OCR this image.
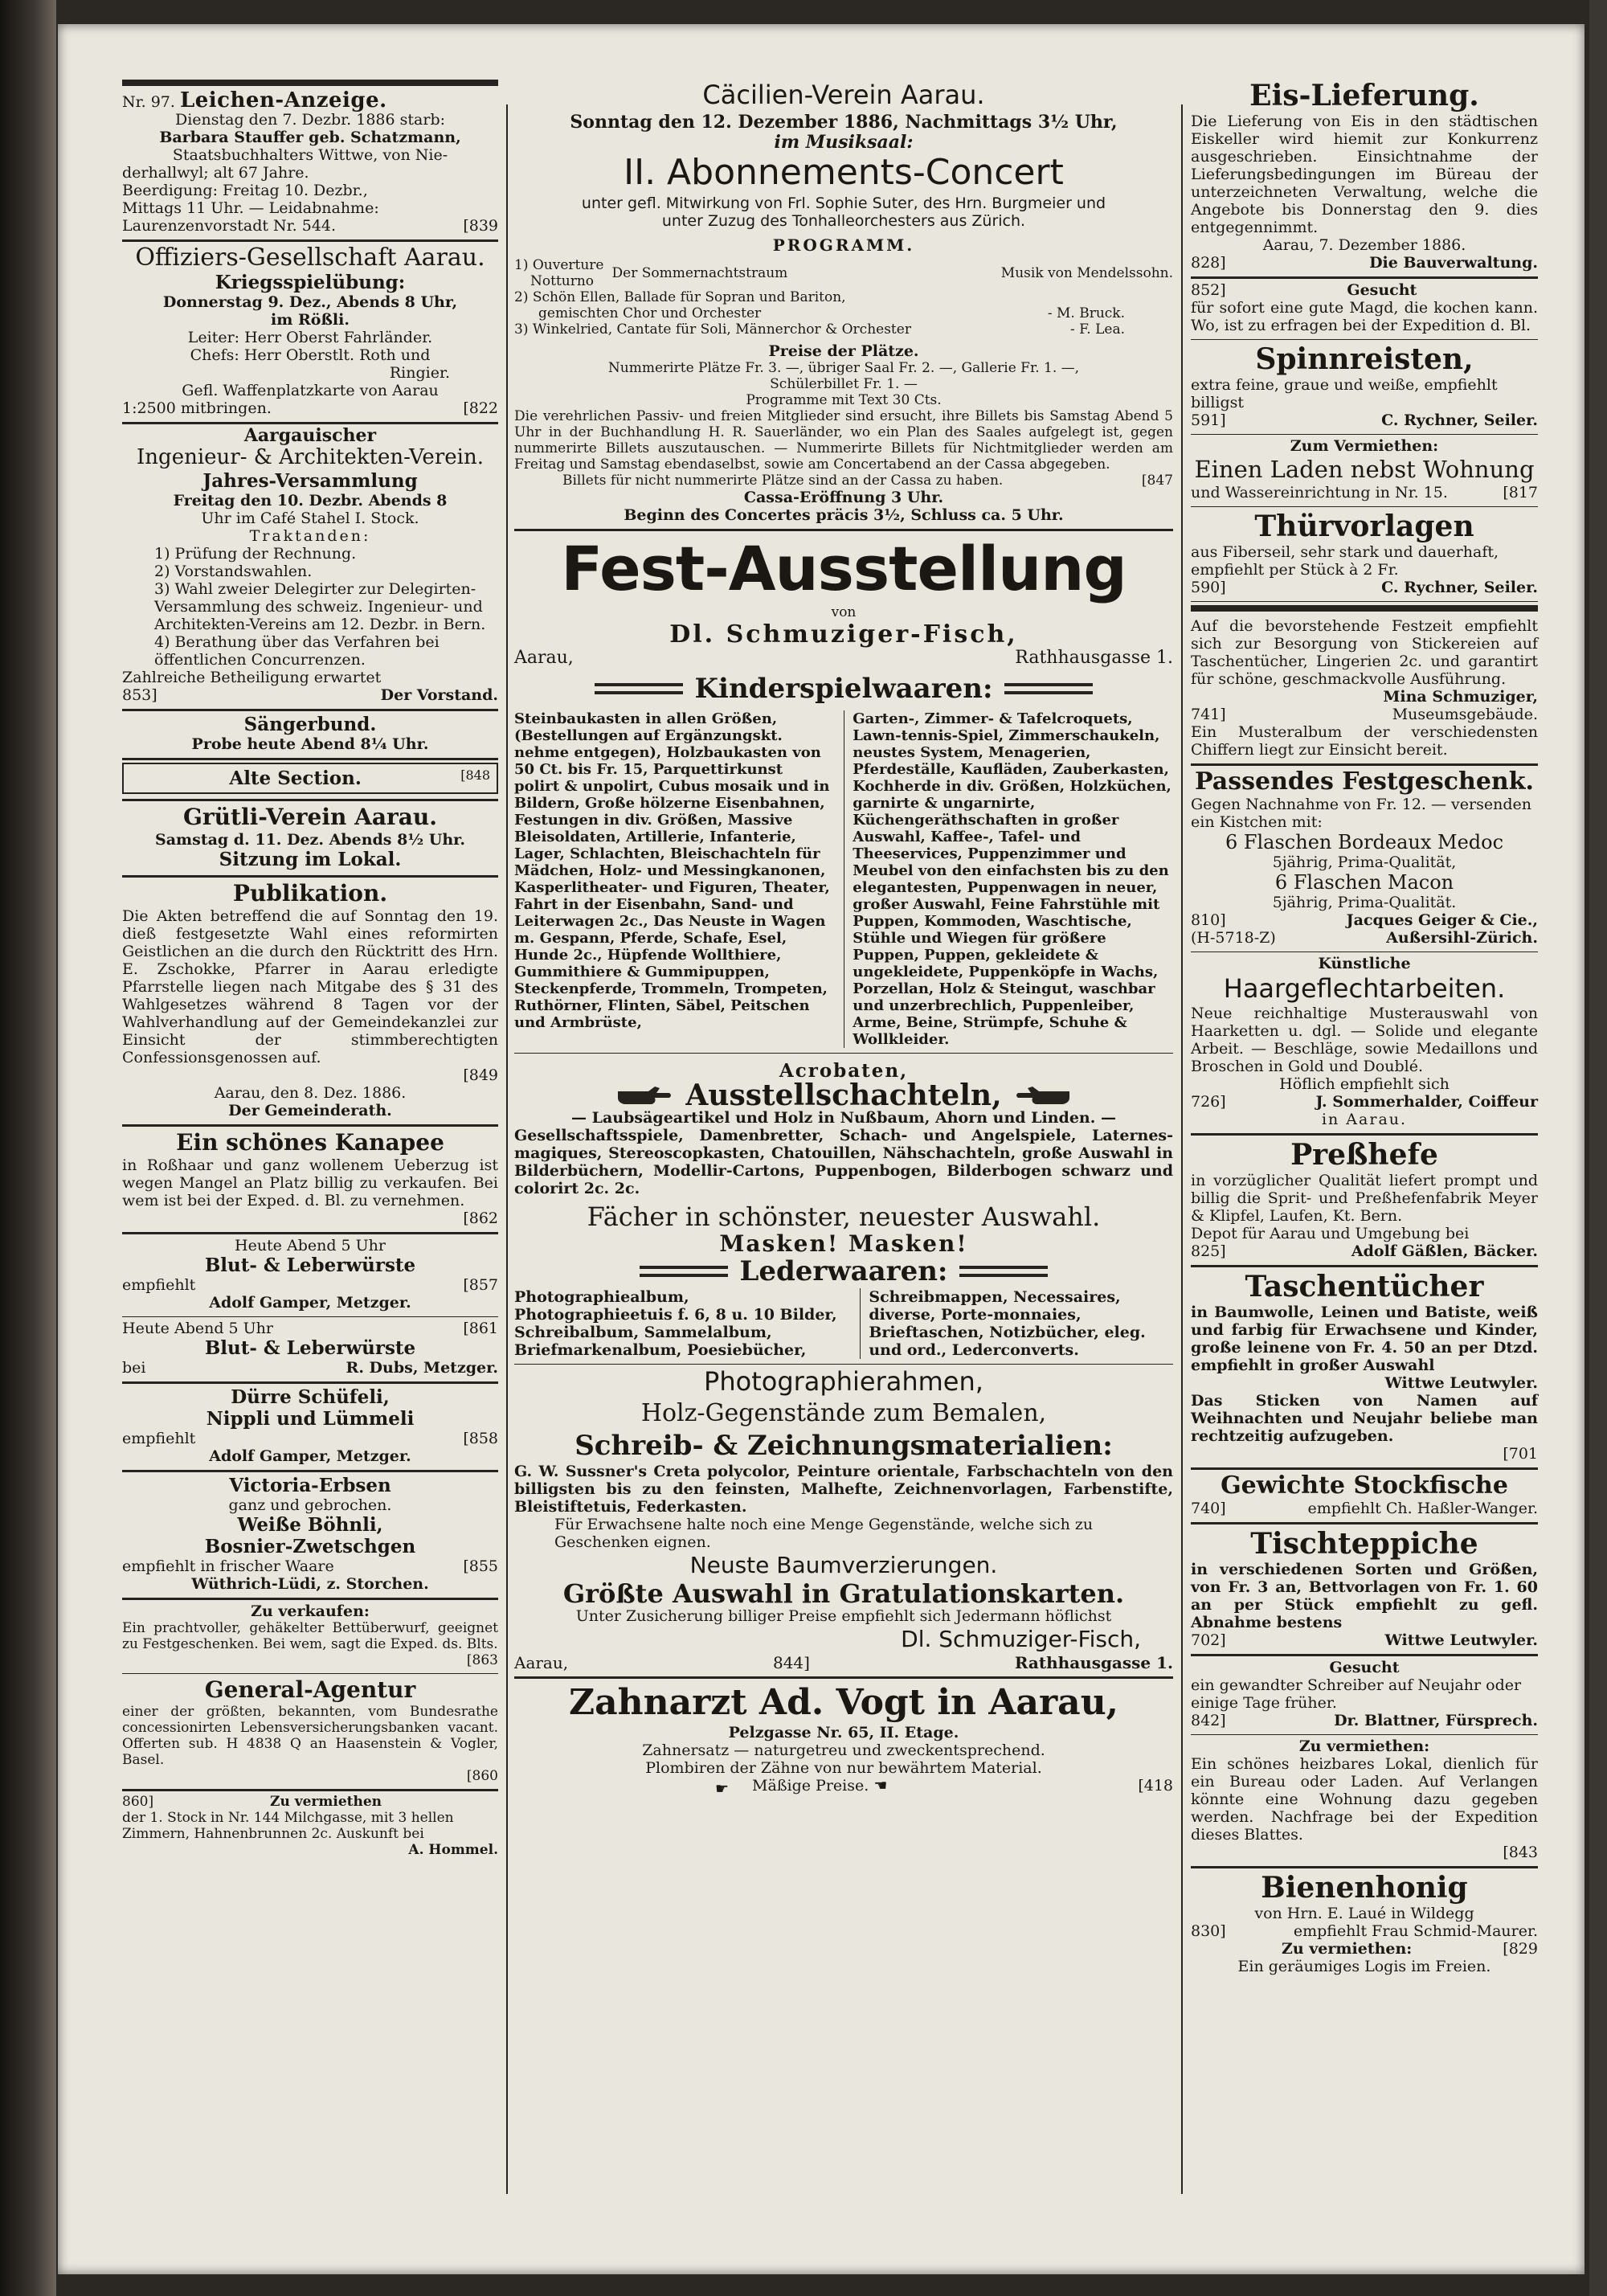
Nr. 97. Leichen-Anzeige.

Dienstag den 7. Dezbr. 1886 starb:

Barbara Stauffer geb. Schatzmann,

Staatsbuchhalters Wittwe, von Nie-

derhallwyl; alt 67 Jahre.

Beerdigung: Freitag 10. Dezbr.,

Mittags 11 Uhr. — Leidabnahme:

Laurenzenvorstadt Nr. 544.	[839

Offiziers-Gesellschaft Aarau.

Kriegsspielübung:

Donnerstag 9. Dez., Abends 8 Uhr,

im Rößli.

Leiter: Herr Oberst Fahrländer.

Chefs: Herr Oberstlt. Roth und

Ringier.

Gefl. Waffenplatzkarte von Aarau

1:2500 mitbringen.	[822

Aargauischer

Ingenieur- & Architekten-Verein.

Jahres-Versammlung

Freitag den 10. Dezbr. Abends 8

Uhr im Café Stahel I. Stock.

Traktanden:

1) Prüfung der Rechnung.

2) Vorstandswahlen.

3) Wahl zweier Delegirter zur Delegirten-Versammlung des schweiz. Ingenieur- und Architekten-Vereins am 12. Dezbr. in Bern.

4) Berathung über das Verfahren bei öffentlichen Concurrenzen.

Zahlreiche Betheiligung erwartet

853]	Der Vorstand.

Sängerbund.

Probe heute Abend 8¼ Uhr.

Alte Section.	[848

Grütli-Verein Aarau.

Samstag d. 11. Dez. Abends 8½ Uhr.

Sitzung im Lokal.

Publikation.

Die Akten betreffend die auf Sonntag den 19. dieß festgesetzte Wahl eines reformirten Geistlichen an die durch den Rücktritt des Hrn. E. Zschokke, Pfarrer in Aarau erledigte Pfarrstelle liegen nach Mitgabe des § 31 des Wahlgesetzes während 8 Tagen vor der Wahlverhandlung auf der Gemeindekanzlei zur Einsicht der stimmberechtigten Confessionsgenossen auf.

[849

Aarau, den 8. Dez. 1886.

Der Gemeinderath.

Ein schönes Kanapee

in Roßhaar und ganz wollenem Ueberzug ist wegen Mangel an Platz billig zu verkaufen. Bei wem ist bei der Exped. d. Bl. zu vernehmen.

[862

Heute Abend 5 Uhr

Blut- & Leberwürste

empfiehlt	[857

Adolf Gamper, Metzger.

Heute Abend 5 Uhr	[861

Blut- & Leberwürste

bei	R. Dubs, Metzger.

Dürre Schüfeli,

Nippli und Lümmeli

empfiehlt	[858

Adolf Gamper, Metzger.

Victoria-Erbsen

ganz und gebrochen.

Weiße Böhnli,

Bosnier-Zwetschgen

empfiehlt in frischer Waare	[855

Wüthrich-Lüdi, z. Storchen.

Zu verkaufen:

Ein prachtvoller, gehäkelter Bettüberwurf, geeignet zu Festgeschenken. Bei wem, sagt die Exped. ds. Blts.

[863

General-Agentur

einer der größten, bekannten, vom Bundesrathe concessionirten Lebensversicherungsbanken vacant. Offerten sub. H 4838 Q an Haasenstein & Vogler, Basel.

[860

860]	Zu vermiethen

der 1. Stock in Nr. 144 Milchgasse, mit 3 hellen Zimmern, Hahnenbrunnen 2c. Auskunft bei

A. Hommel.

Cäcilien-Verein Aarau.

Sonntag den 12. Dezember 1886, Nachmittags 3½ Uhr,

im Musiksaal:

II. Abonnements-Concert

unter gefl. Mitwirkung von Frl. Sophie Suter, des Hrn. Burgmeier und

unter Zuzug des Tonhalleorchesters aus Zürich.

PROGRAMM.

1) Ouverture

Notturno	Der Sommernachtstraum	Musik von Mendelssohn.

2) Schön Ellen, Ballade für Sopran und Bariton,

gemischten Chor und Orchester	- M. Bruck.

3) Winkelried, Cantate für Soli, Männerchor & Orchester	- F. Lea.

Preise der Plätze.

Nummerirte Plätze Fr. 3. —, übriger Saal Fr. 2. —, Gallerie Fr. 1. —,

Schülerbillet Fr. 1. —

Programme mit Text 30 Cts.

Die verehrlichen Passiv- und freien Mitglieder sind ersucht, ihre Billets bis Samstag Abend 5 Uhr in der Buchhandlung H. R. Sauerländer, wo ein Plan des Saales aufgelegt ist, gegen nummerirte Billets auszutauschen. — Nummerirte Billets für Nichtmitglieder werden am Freitag und Samstag ebendaselbst, sowie am Concertabend an der Cassa abgegeben.

Billets für nicht nummerirte Plätze sind an der Cassa zu haben.	[847

Cassa-Eröffnung 3 Uhr.

Beginn des Concertes präcis 3½, Schluss ca. 5 Uhr.

Fest-Ausstellung

von

Dl. Schmuziger-Fisch,

Aarau,	Rathhausgasse 1.

Kinderspielwaaren:

Steinbaukasten in allen Größen, (Bestellungen auf Ergänzungskt. nehme entgegen), Holzbaukasten von 50 Ct. bis Fr. 15, Parquettirkunst polirt & unpolirt, Cubus mosaik und in Bildern, Große hölzerne Eisenbahnen, Festungen in div. Größen, Massive Bleisoldaten, Artillerie, Infanterie, Lager, Schlachten, Bleischachteln für Mädchen, Holz- und Messingkanonen, Kasperlitheater- und Figuren, Theater, Fahrt in der Eisenbahn, Sand- und Leiterwagen 2c., Das Neuste in Wagen m. Gespann, Pferde, Schafe, Esel, Hunde 2c., Hüpfende Wollthiere, Gummithiere & Gummipuppen, Steckenpferde, Trommeln, Trompeten, Ruthörner, Flinten, Säbel, Peitschen und Armbrüste,

Garten-, Zimmer- & Tafelcroquets, Lawn-tennis-Spiel, Zimmerschaukeln, neustes System, Menagerien, Pferdeställe, Kaufläden, Zauberkasten, Kochherde in div. Größen, Holzküchen, garnirte & ungarnirte, Küchengeräthschaften in großer Auswahl, Kaffee-, Tafel- und Theeservices, Puppenzimmer und Meubel von den einfachsten bis zu den elegantesten, Puppenwagen in neuer, großer Auswahl, Feine Fahrstühle mit Puppen, Kommoden, Waschtische, Stühle und Wiegen für größere Puppen, Puppen, gekleidete & ungekleidete, Puppenköpfe in Wachs, Porzellan, Holz & Steingut, waschbar und unzerbrechlich, Puppenleiber, Arme, Beine, Strümpfe, Schuhe & Wollkleider.

Acrobaten,

Ausstellschachteln,

— Laubsägeartikel und Holz in Nußbaum, Ahorn und Linden. —

Gesellschaftsspiele, Damenbretter, Schach- und Angelspiele, Laternes-magiques, Stereoscopkasten, Chatouillen, Nähschachteln, große Auswahl in Bilderbüchern, Modellir-Cartons, Puppenbogen, Bilderbogen schwarz und colorirt 2c. 2c.

Fächer in schönster, neuester Auswahl.

Masken! Masken!

Lederwaaren:

Photographiealbum, Photographieetuis f. 6, 8 u. 10 Bilder, Schreibalbum, Sammelalbum, Briefmarkenalbum, Poesiebücher,

Schreibmappen, Necessaires, diverse, Porte-monnaies, Brieftaschen, Notizbücher, eleg. und ord., Lederconverts.

Photographierahmen,

Holz-Gegenstände zum Bemalen,

Schreib- & Zeichnungsmaterialien:

G. W. Sussner's Creta polycolor, Peinture orientale, Farbschachteln von den billigsten bis zu den feinsten, Malhefte, Zeichnenvorlagen, Farbenstifte, Bleistiftetuis, Federkasten.

Für Erwachsene halte noch eine Menge Gegenstände, welche sich zu Geschenken eignen.

Neuste Baumverzierungen.

Größte Auswahl in Gratulationskarten.

Unter Zusicherung billiger Preise empfiehlt sich Jedermann höflichst

Dl. Schmuziger-Fisch,

Aarau,	844]	Rathhausgasse 1.

Zahnarzt Ad. Vogt in Aarau,

Pelzgasse Nr. 65, II. Etage.

Zahnersatz — naturgetreu und zweckentsprechend.

Plombiren der Zähne von nur bewährtem Material.

☛ Mäßige Preise. ☚	[418

Eis-Lieferung.

Die Lieferung von Eis in den städtischen Eiskeller wird hiemit zur Konkurrenz ausgeschrieben. Einsichtnahme der Lieferungsbedingungen im Büreau der unterzeichneten Verwaltung, welche die Angebote bis Donnerstag den 9. dies entgegennimmt.

Aarau, 7. Dezember 1886.

828]	Die Bauverwaltung.

852]	Gesucht

für sofort eine gute Magd, die kochen kann. Wo, ist zu erfragen bei der Expedition d. Bl.

Spinnreisten,

extra feine, graue und weiße, empfiehlt billigst

591]	C. Rychner, Seiler.

Zum Vermiethen:

Einen Laden nebst Wohnung

und Wassereinrichtung in Nr. 15.	[817

Thürvorlagen

aus Fiberseil, sehr stark und dauerhaft, empfiehlt per Stück à 2 Fr.

590]	C. Rychner, Seiler.

Auf die bevorstehende Festzeit empfiehlt sich zur Besorgung von Stickereien auf Taschentücher, Lingerien 2c. und garantirt für schöne, geschmackvolle Ausführung.

Mina Schmuziger,

741]	Museumsgebäude.

Ein Musteralbum der verschiedensten Chiffern liegt zur Einsicht bereit.

Passendes Festgeschenk.

Gegen Nachnahme von Fr. 12. — versenden ein Kistchen mit:

6 Flaschen Bordeaux Medoc

5jährig, Prima-Qualität,

6 Flaschen Macon

5jährig, Prima-Qualität.

810]	Jacques Geiger & Cie.,

(H-5718-Z)	Außersihl-Zürich.

Künstliche

Haargeflechtarbeiten.

Neue reichhaltige Musterauswahl von Haarketten u. dgl. — Solide und elegante Arbeit. — Beschläge, sowie Medaillons und Broschen in Gold und Doublé.

Höflich empfiehlt sich

726]	J. Sommerhalder, Coiffeur

in Aarau.

Preßhefe

in vorzüglicher Qualität liefert prompt und billig die Sprit- und Preßhefenfabrik Meyer & Klipfel, Laufen, Kt. Bern.

Depot für Aarau und Umgebung bei

825]	Adolf Gäßlen, Bäcker.

Taschentücher

in Baumwolle, Leinen und Batiste, weiß und farbig für Erwachsene und Kinder, große leinene von Fr. 4. 50 an per Dtzd. empfiehlt in großer Auswahl

Wittwe Leutwyler.

Das Sticken von Namen auf Weihnachten und Neujahr beliebe man rechtzeitig aufzugeben.

[701

Gewichte Stockfische

740]	empfiehlt Ch. Haßler-Wanger.

Tischteppiche

in verschiedenen Sorten und Größen, von Fr. 3 an, Bettvorlagen von Fr. 1. 60 an per Stück empfiehlt zu gefl. Abnahme bestens

702]	Wittwe Leutwyler.

Gesucht

ein gewandter Schreiber auf Neujahr oder einige Tage früher.

842]	Dr. Blattner, Fürsprech.

Zu vermiethen:

Ein schönes heizbares Lokal, dienlich für ein Bureau oder Laden. Auf Verlangen könnte eine Wohnung dazu gegeben werden. Nachfrage bei der Expedition dieses Blattes.

[843

Bienenhonig

von Hrn. E. Laué in Wildegg

830]	empfiehlt Frau Schmid-Maurer.

Zu vermiethen:	[829

Ein geräumiges Logis im Freien.
